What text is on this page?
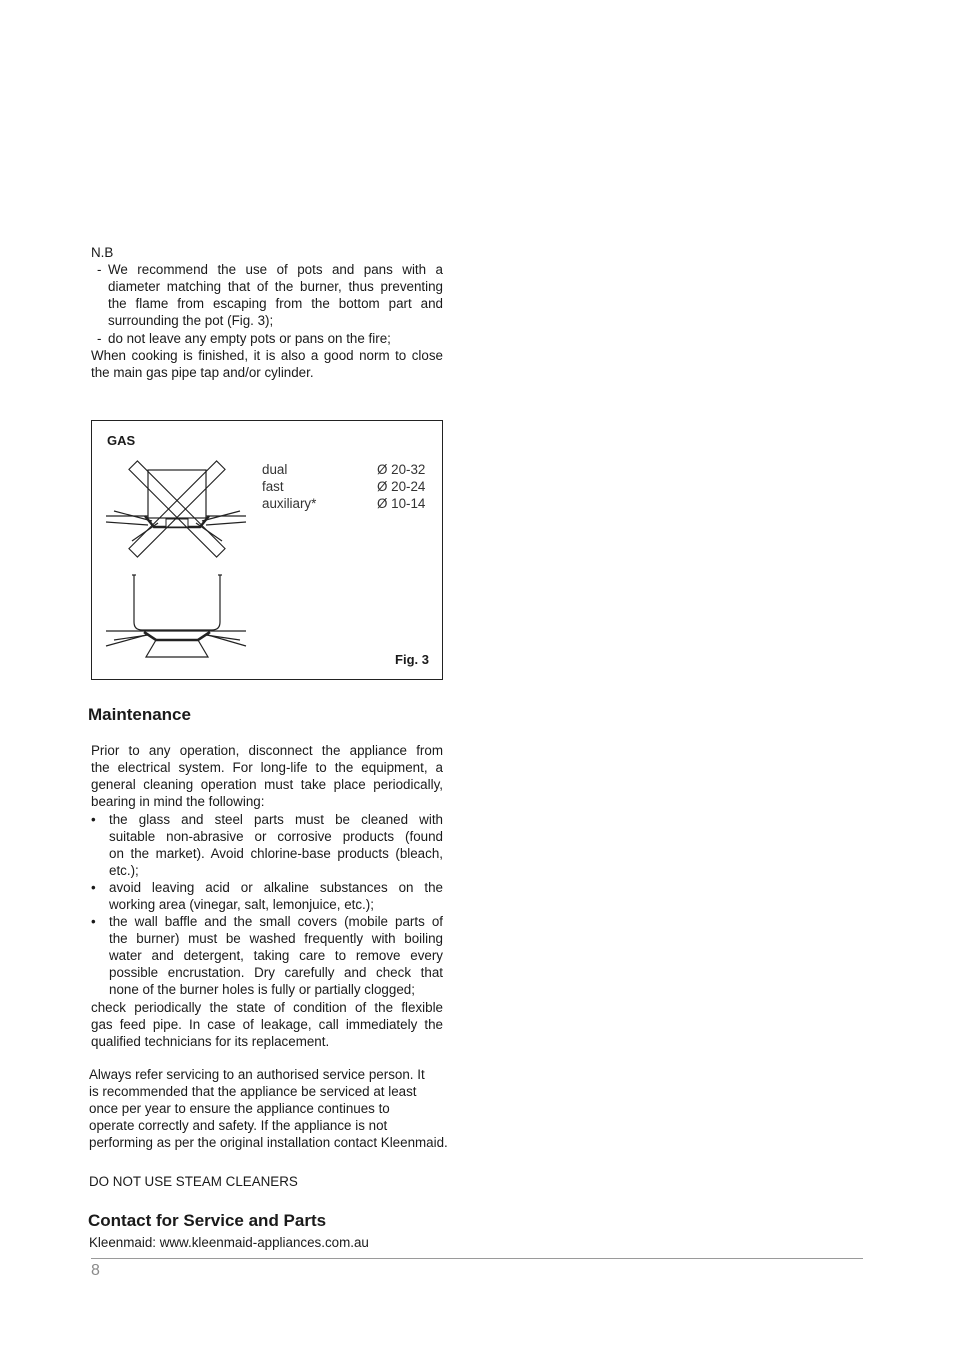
N.B
- We recommend the use of pots and pans with a
diameter matching that of the burner, thus preventing
the flame from escaping from the bottom part and
surrounding the pot (Fig. 3);
- do not leave any empty pots or pans on the fire;
When cooking is finished, it is also a good norm to close
the main gas pipe tap and/or cylinder.
GAS
dual	Ø 20-32
fast	Ø 20-24
auxiliary*	Ø 10-14
Fig. 3
Maintenance
Prior to any operation, disconnect the appliance from
the electrical system. For long-life to the equipment, a
general cleaning operation must take place periodically,
bearing in mind the following:
• the glass and steel parts must be cleaned with
suitable non-abrasive or corrosive products (found
on the market). Avoid chlorine-base products (bleach,
etc.);
• avoid leaving acid or alkaline substances on the
working area (vinegar, salt, lemonjuice, etc.);
• the wall baffle and the small covers (mobile parts of
the burner) must be washed frequently with boiling
water and detergent, taking care to remove every
possible encrustation. Dry carefully and check that
none of the burner holes is fully or partially clogged;
check periodically the state of condition of the flexible
gas feed pipe. In case of leakage, call immediately the
qualified technicians for its replacement.
Always refer servicing to an authorised service person. It
is recommended that the appliance be serviced at least
once per year to ensure the appliance continues to
operate correctly and safety. If the appliance is not
performing as per the original installation contact Kleenmaid.
DO NOT USE STEAM CLEANERS
Contact for Service and Parts
Kleenmaid: www.kleenmaid-appliances.com.au
8
